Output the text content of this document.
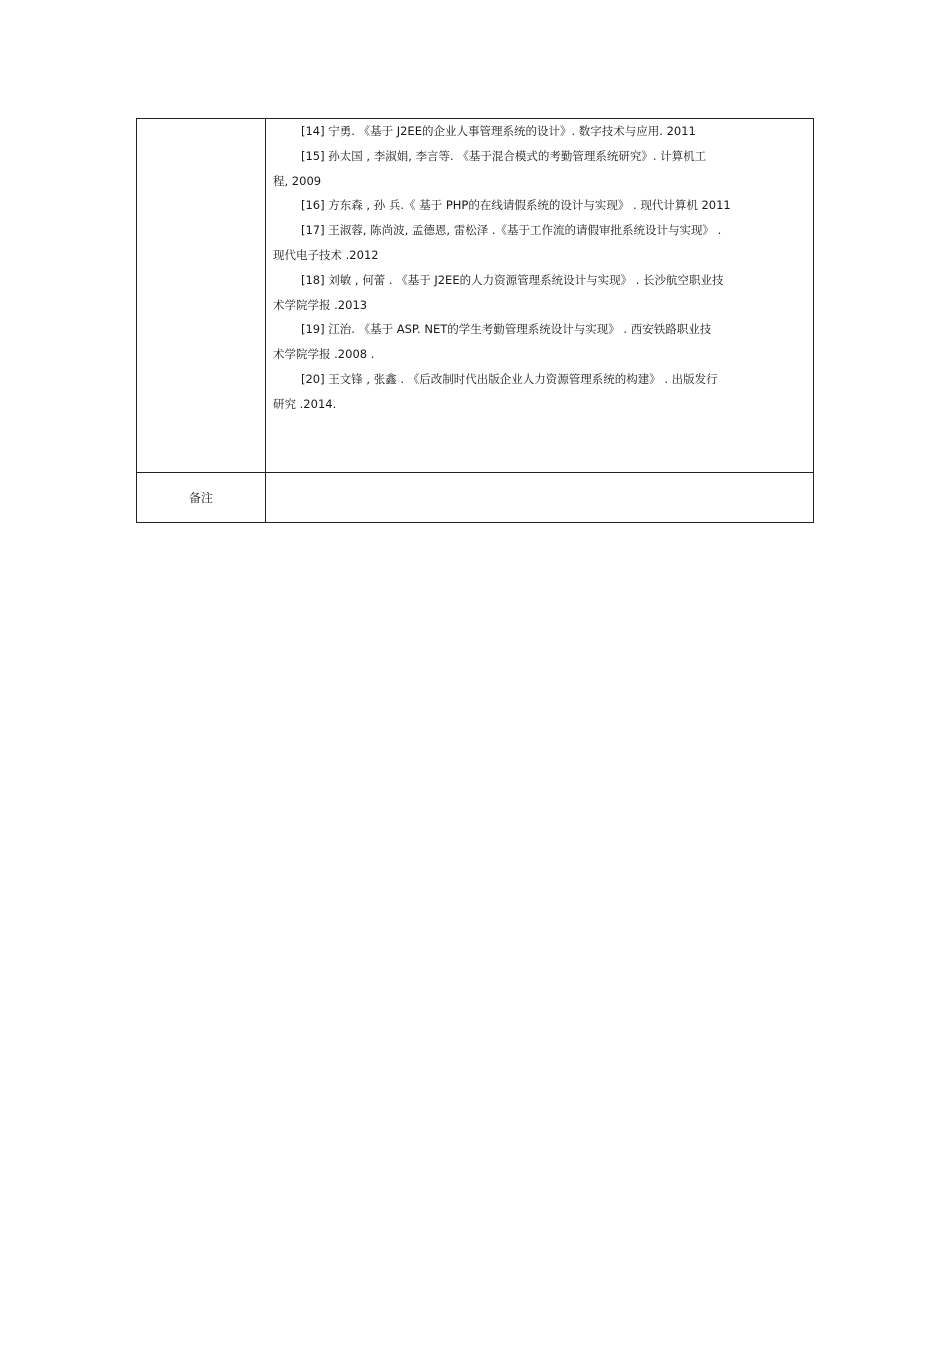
[14] 宁勇. 《基于 J2EE的企业人事管理系统的设计》. 数字技术与应用. 2011
[15] 孙太国 , 李淑娟, 李言等. 《基于混合模式的考勤管理系统研究》. 计算机工
程, 2009
[16] 方东森 , 孙 兵.《 基于 PHP的在线请假系统的设计与实现》 . 现代计算机 2011
[17] 王淑蓉, 陈尚波, 孟德恩, 雷松泽 .《基于工作流的请假审批系统设计与实现》 .
现代电子技术 .2012
[18] 刘敏 , 何蕾 . 《基于 J2EE的人力资源管理系统设计与实现》 . 长沙航空职业技
术学院学报 .2013
[19] 江治. 《基于 ASP. NET的学生考勤管理系统设计与实现》 . 西安铁路职业技
术学院学报 .2008 .
[20] 王文锋 , 张鑫 . 《后改制时代出版企业人力资源管理系统的构建》 . 出版发行
研究 .2014.
备注
